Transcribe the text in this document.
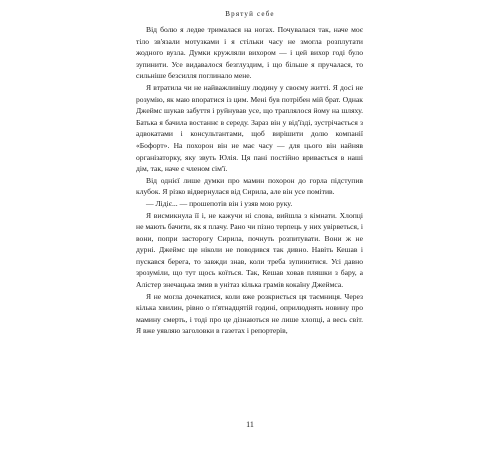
Врятуй себе

Від болю я ледве трималася на ногах. Почувалася так, наче моє тіло зв'язали мотузками і я стільки часу не змогла розплутати жодного вузла. Думки кружляли вихором — і цей вихор годі було зупинити. Усе видавалося безглуздим, і що більше я пручалася, то сильніше безсилля поглинало мене.

Я втратила чи не найважливішу людину у своєму житті. Я досі не розумію, як маю впоратися із цим. Мені був потрібен мій брат. Однак Джеймс шукав забуття і руйнував усе, що траплялося йому на шляху. Батька я бачила востаннє в середу. Зараз він у від'їзді, зустрічається з адвокатами і консультантами, щоб вирішити долю компанії «Бофорт». На похорон він не має часу — для цього він найняв організаторку, яку звуть Юлія. Ця пані постійно вривається в наші дім, так, наче є членом сім'ї.

Від однієї лише думки про мамин похорон до горла підступив клубок. Я різко відвернулася від Сирила, але він усе помітив.

— Лідіє... — прошепотів він і узяв мою руку.

Я висмикнула її і, не кажучи ні слова, вийшла з кімнати. Хлопці не мають бачити, як я плачу. Рано чи пізно терпець у них увірветься, і вони, попри засторогу Сирила, почнуть розпитувати. Вони ж не дурні. Джеймс ще ніколи не поводився так дивно. Навіть Кешав і пускався берега, то завжди знав, коли треба зупинитися. Усі давно зрозуміли, що тут щось коїться. Так, Кешав ховав пляшки з бару, а Алістер знечацька змив в унітаз кілька грамів кокаїну Джеймса.

Я не могла дочекатися, коли вже розкриється ця таємниця. Через кілька хвилин, рівно о п'ятнадцятій годині, оприлюднять новину про мамину смерть, і тоді про це дізнаються не лише хлопці, а весь світ. Я вже уявляю заголовки в газетах і репортерів,

11
